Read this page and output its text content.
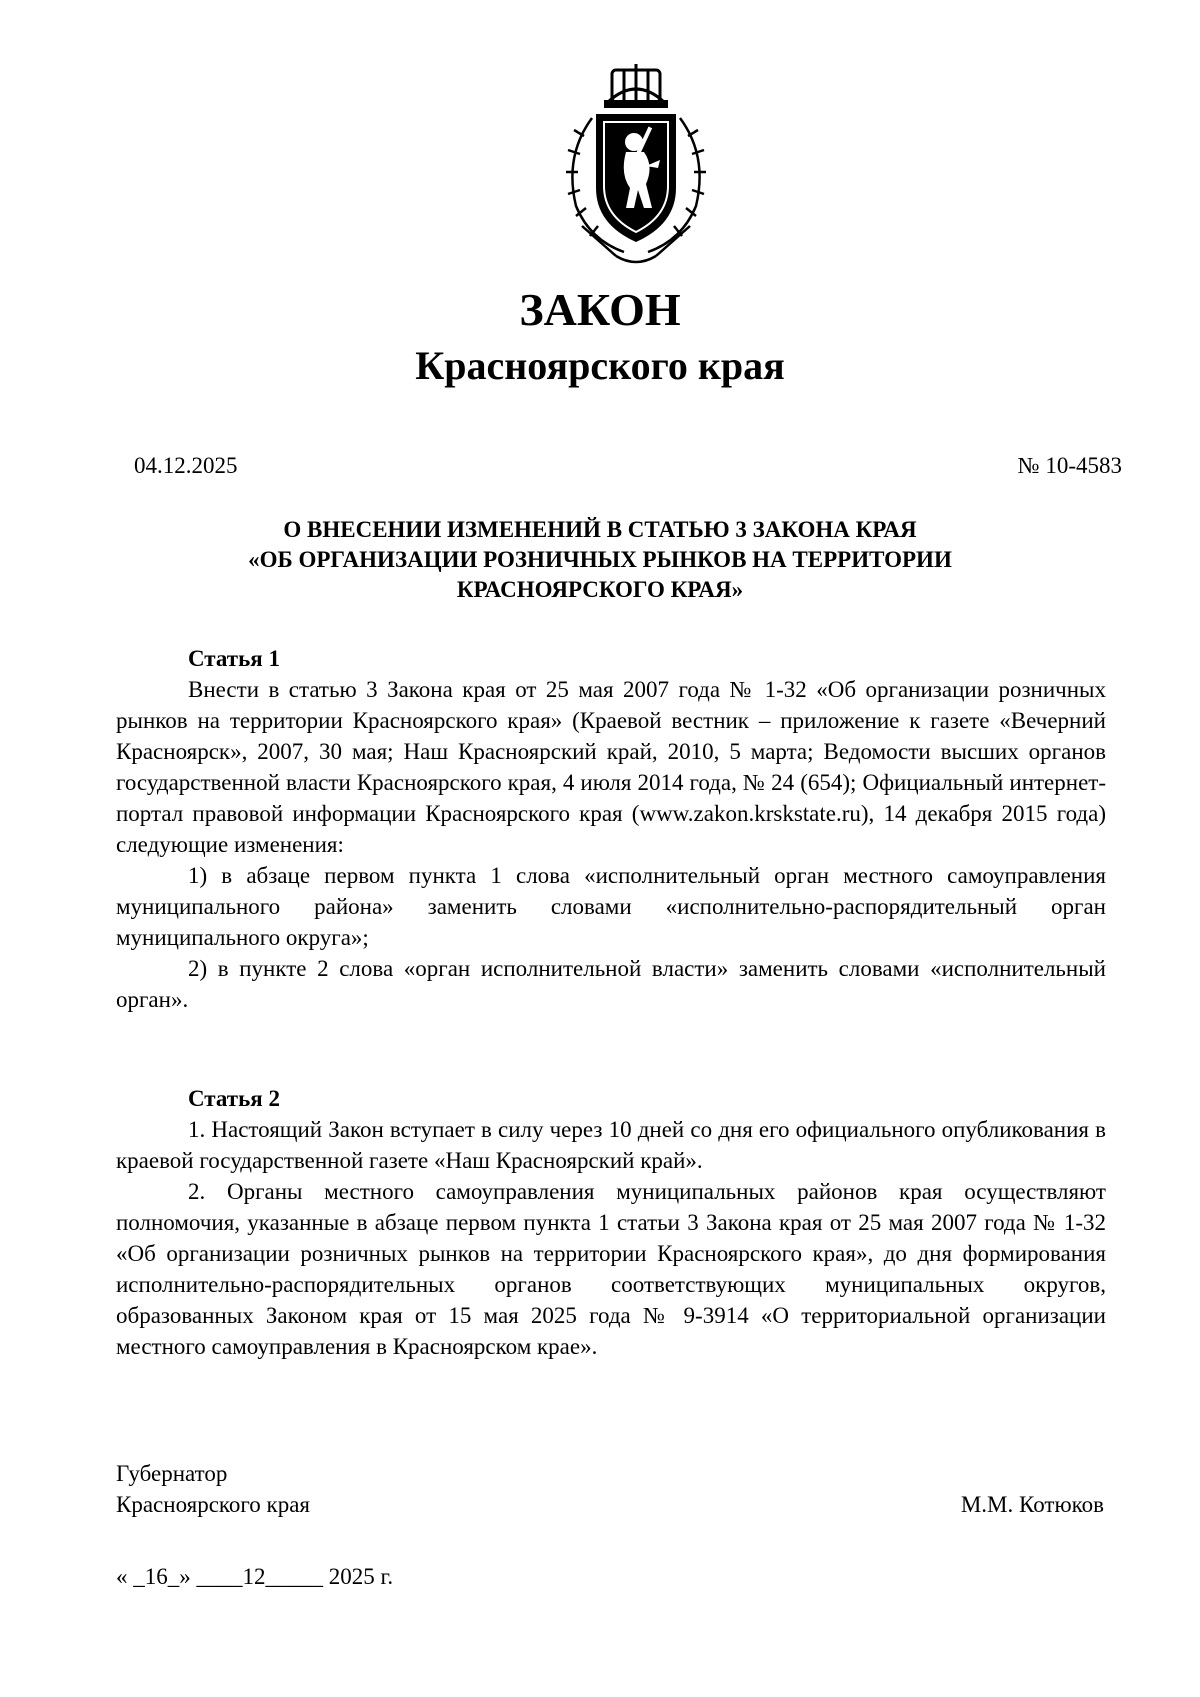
ЗАКОН
Красноярского края
04.12.2025	№ 10-4583
О ВНЕСЕНИИ ИЗМЕНЕНИЙ В СТАТЬЮ 3 ЗАКОНА КРАЯ
«ОБ ОРГАНИЗАЦИИ РОЗНИЧНЫХ РЫНКОВ НА ТЕРРИТОРИИ
КРАСНОЯРСКОГО КРАЯ»
Статья 1

Внести в статью 3 Закона края от 25 мая 2007 года № 1-32 «Об организации розничных рынков на территории Красноярского края» (Краевой вестник – приложение к газете «Вечерний Красноярск», 2007, 30 мая; Наш Красноярский край, 2010, 5 марта; Ведомости высших органов государственной власти Красноярского края, 4 июля 2014 года, № 24 (654); Официальный интернет-портал правовой информации Красноярского края (www.zakon.krskstate.ru), 14 декабря 2015 года) следующие изменения:

1) в абзаце первом пункта 1 слова «исполнительный орган местного самоуправления муниципального района» заменить словами «исполнительно-распорядительный орган муниципального округа»;

2) в пункте 2 слова «орган исполнительной власти» заменить словами «исполнительный орган».

Статья 2

1. Настоящий Закон вступает в силу через 10 дней со дня его официального опубликования в краевой государственной газете «Наш Красноярский край».

2. Органы местного самоуправления муниципальных районов края осуществляют полномочия, указанные в абзаце первом пункта 1 статьи 3 Закона края от 25 мая 2007 года № 1-32 «Об организации розничных рынков на территории Красноярского края», до дня формирования исполнительно-распорядительных органов соответствующих муниципальных округов, образованных Законом края от 15 мая 2025 года № 9-3914 «О территориальной организации местного самоуправления в Красноярском крае».

Губернатор
Красноярского края	М.М. Котюков
« _16_» ____12_____ 2025 г.
